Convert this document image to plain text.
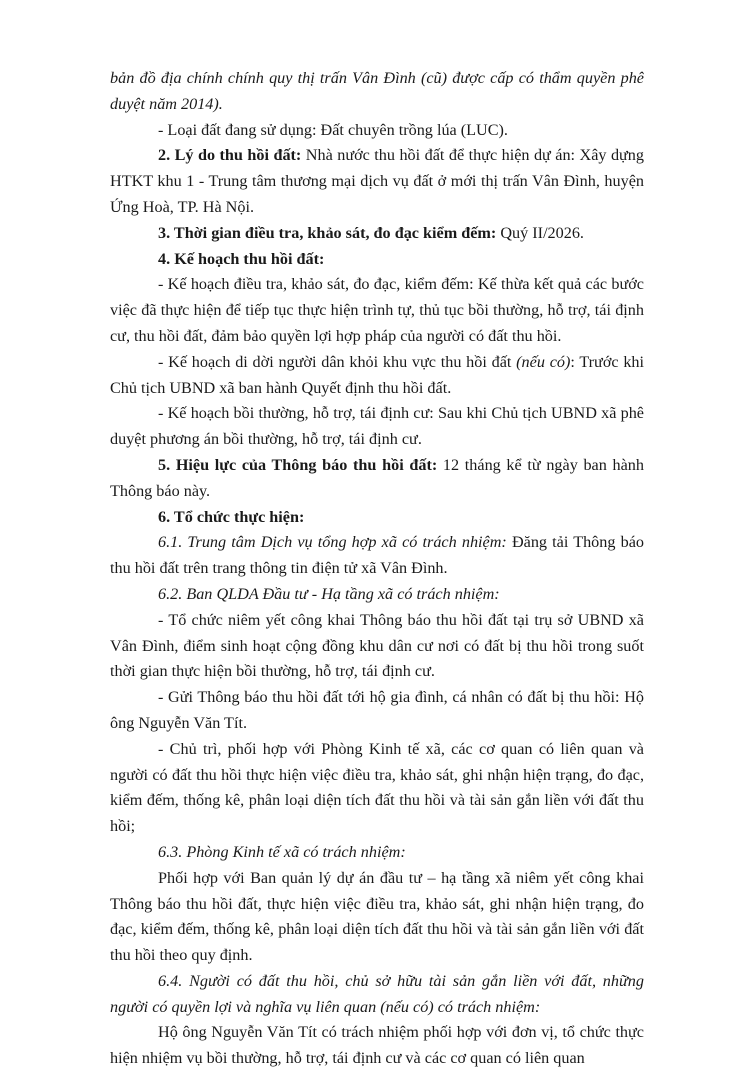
bản đồ địa chính chính quy thị trấn Vân Đình (cũ) được cấp có thẩm quyền phê duyệt năm 2014).

- Loại đất đang sử dụng: Đất chuyên trồng lúa (LUC).

2. Lý do thu hồi đất: Nhà nước thu hồi đất để thực hiện dự án: Xây dựng HTKT khu 1 - Trung tâm thương mại dịch vụ đất ở mới thị trấn Vân Đình, huyện Ứng Hoà, TP. Hà Nội.

3. Thời gian điều tra, khảo sát, đo đạc kiểm đếm: Quý II/2026.

4. Kế hoạch thu hồi đất:

- Kế hoạch điều tra, khảo sát, đo đạc, kiểm đếm: Kế thừa kết quả các bước việc đã thực hiện để tiếp tục thực hiện trình tự, thủ tục bồi thường, hỗ trợ, tái định cư, thu hồi đất, đảm bảo quyền lợi hợp pháp của người có đất thu hồi.

- Kế hoạch di dời người dân khỏi khu vực thu hồi đất (nếu có): Trước khi Chủ tịch UBND xã ban hành Quyết định thu hồi đất.

- Kế hoạch bồi thường, hỗ trợ, tái định cư: Sau khi Chủ tịch UBND xã phê duyệt phương án bồi thường, hỗ trợ, tái định cư.

5. Hiệu lực của Thông báo thu hồi đất: 12 tháng kể từ ngày ban hành Thông báo này.

6. Tổ chức thực hiện:

6.1. Trung tâm Dịch vụ tổng hợp xã có trách nhiệm: Đăng tải Thông báo thu hồi đất trên trang thông tin điện tử xã Vân Đình.

6.2. Ban QLDA Đầu tư - Hạ tầng xã có trách nhiệm:

- Tổ chức niêm yết công khai Thông báo thu hồi đất tại trụ sở UBND xã Vân Đình, điểm sinh hoạt cộng đồng khu dân cư nơi có đất bị thu hồi trong suốt thời gian thực hiện bồi thường, hỗ trợ, tái định cư.

- Gửi Thông báo thu hồi đất tới hộ gia đình, cá nhân có đất bị thu hồi: Hộ ông Nguyễn Văn Tít.

- Chủ trì, phối hợp với Phòng Kinh tế xã, các cơ quan có liên quan và người có đất thu hồi thực hiện việc điều tra, khảo sát, ghi nhận hiện trạng, đo đạc, kiểm đếm, thống kê, phân loại diện tích đất thu hồi và tài sản gắn liền với đất thu hồi;

6.3. Phòng Kinh tế xã có trách nhiệm:

Phối hợp với Ban quản lý dự án đầu tư – hạ tầng xã niêm yết công khai Thông báo thu hồi đất, thực hiện việc điều tra, khảo sát, ghi nhận hiện trạng, đo đạc, kiểm đếm, thống kê, phân loại diện tích đất thu hồi và tài sản gắn liền với đất thu hồi theo quy định.

6.4. Người có đất thu hồi, chủ sở hữu tài sản gắn liền với đất, những người có quyền lợi và nghĩa vụ liên quan (nếu có) có trách nhiệm:

Hộ ông Nguyễn Văn Tít có trách nhiệm phối hợp với đơn vị, tổ chức thực hiện nhiệm vụ bồi thường, hỗ trợ, tái định cư và các cơ quan có liên quan
